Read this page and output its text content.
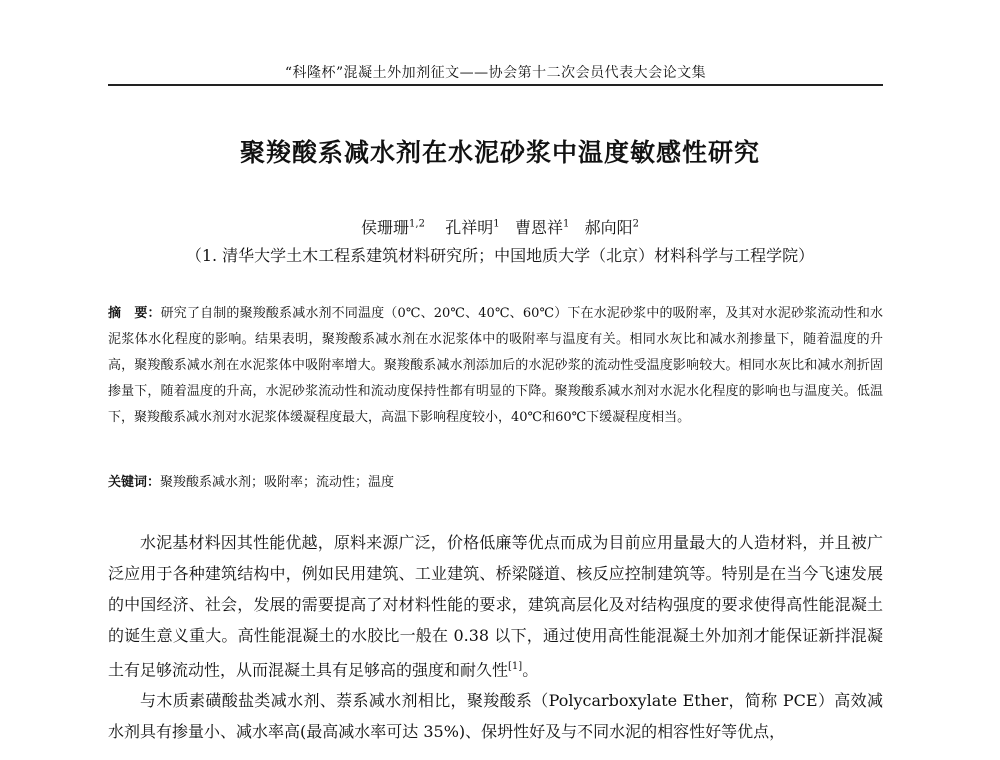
“科隆杯”混凝土外加剂征文——协会第十二次会员代表大会论文集
聚羧酸系减水剂在水泥砂浆中温度敏感性研究
侯珊珊$^{1,2}$ 孔祥明$^1$ 曹恩祥$^1$ 郝向阳$^2$
（1. 清华大学土木工程系建筑材料研究所；中国地质大学（北京）材料科学与工程学院）
摘　要：研究了自制的聚羧酸系减水剂不同温度（0℃、20℃、40℃、60℃）下在水泥砂浆中的吸附率，及其对水泥砂浆流动性和水泥浆体水化程度的影响。结果表明，聚羧酸系减水剂在水泥浆体中的吸附率与温度有关。相同水灰比和减水剂掺量下，随着温度的升高，聚羧酸系减水剂在水泥浆体中吸附率增大。聚羧酸系减水剂添加后的水泥砂浆的流动性受温度影响较大。相同水灰比和减水剂折固掺量下，随着温度的升高，水泥砂浆流动性和流动度保持性都有明显的下降。聚羧酸系减水剂对水泥水化程度的影响也与温度关。低温下，聚羧酸系减水剂对水泥浆体缓凝程度最大，高温下影响程度较小，40℃和60℃下缓凝程度相当。
关键词：聚羧酸系减水剂；吸附率；流动性；温度

水泥基材料因其性能优越，原料来源广泛，价格低廉等优点而成为目前应用量最大的人造材料，并且被广泛应用于各种建筑结构中，例如民用建筑、工业建筑、桥梁隧道、核反应控制建筑等。特别是在当今飞速发展的中国经济、社会，发展的需要提高了对材料性能的要求，建筑高层化及对结构强度的要求使得高性能混凝土的诞生意义重大。高性能混凝土的水胶比一般在 0.38 以下，通过使用高性能混凝土外加剂才能保证新拌混凝土有足够流动性，从而混凝土具有足够高的强度和耐久性[1]。

与木质素磺酸盐类减水剂、萘系减水剂相比，聚羧酸系（Polycarboxylate Ether，简称 PCE）高效减水剂具有掺量小、减水率高(最高减水率可达 35%)、保坍性好及与不同水泥的相容性好等优点，
